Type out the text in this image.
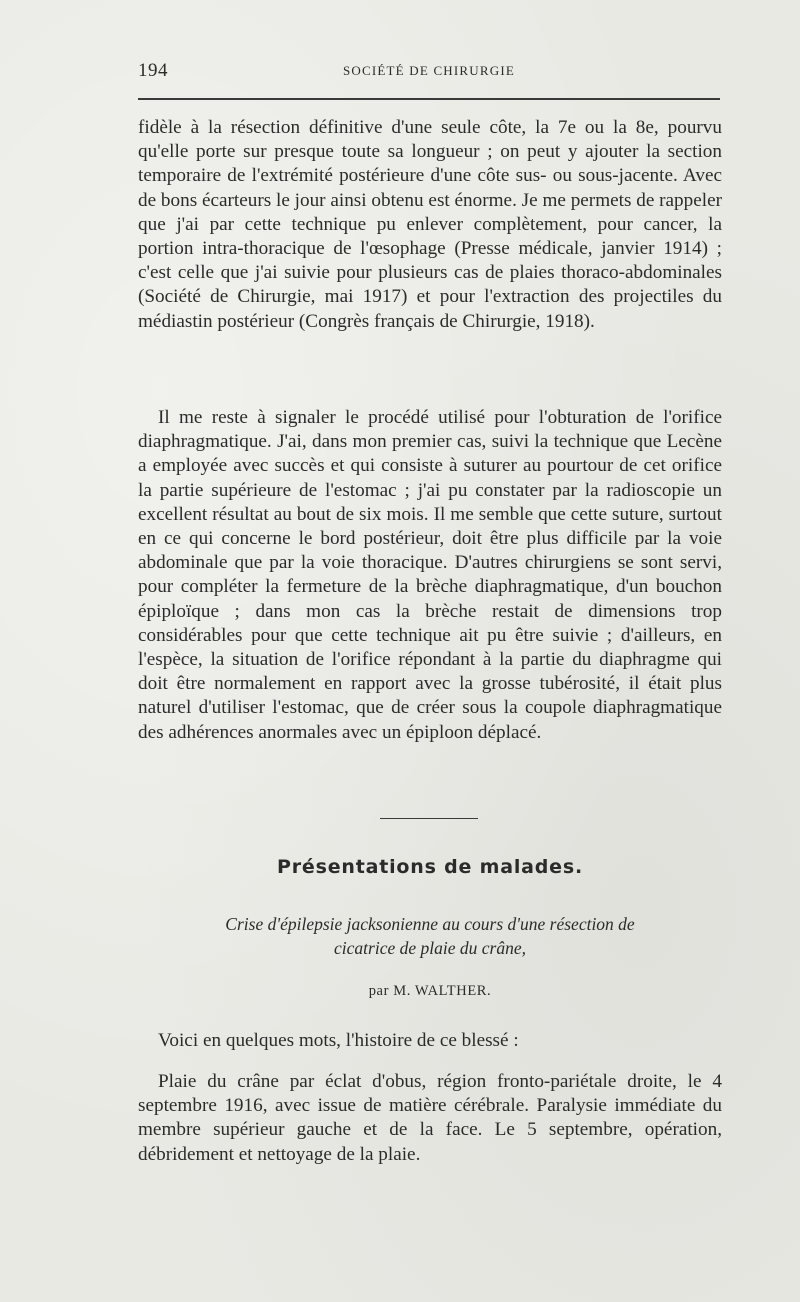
194	SOCIÉTÉ DE CHIRURGIE

fidèle à la résection définitive d'une seule côte, la 7e ou la 8e, pourvu qu'elle porte sur presque toute sa longueur ; on peut y ajouter la section temporaire de l'extrémité postérieure d'une côte sus- ou sous-jacente. Avec de bons écarteurs le jour ainsi obtenu est énorme. Je me permets de rappeler que j'ai par cette technique pu enlever complètement, pour cancer, la portion intra-thoracique de l'œsophage (Presse médicale, janvier 1914) ; c'est celle que j'ai suivie pour plusieurs cas de plaies thoraco-abdominales (Société de Chirurgie, mai 1917) et pour l'extraction des projectiles du médiastin postérieur (Congrès français de Chirurgie, 1918).

Il me reste à signaler le procédé utilisé pour l'obturation de l'orifice diaphragmatique. J'ai, dans mon premier cas, suivi la technique que Lecène a employée avec succès et qui consiste à suturer au pourtour de cet orifice la partie supérieure de l'estomac ; j'ai pu constater par la radioscopie un excellent résultat au bout de six mois. Il me semble que cette suture, surtout en ce qui concerne le bord postérieur, doit être plus difficile par la voie abdominale que par la voie thoracique. D'autres chirurgiens se sont servi, pour compléter la fermeture de la brèche diaphragmatique, d'un bouchon épiploïque ; dans mon cas la brèche restait de dimensions trop considérables pour que cette technique ait pu être suivie ; d'ailleurs, en l'espèce, la situation de l'orifice répondant à la partie du diaphragme qui doit être normalement en rapport avec la grosse tubérosité, il était plus naturel d'utiliser l'estomac, que de créer sous la coupole diaphragmatique des adhérences anormales avec un épiploon déplacé.

Présentations de malades.
Crise d'épilepsie jacksonienne au cours d'une résection de
cicatrice de plaie du crâne,
par M. WALTHER.

Voici en quelques mots, l'histoire de ce blessé :

Plaie du crâne par éclat d'obus, région fronto-pariétale droite, le 4 septembre 1916, avec issue de matière cérébrale. Paralysie immédiate du membre supérieur gauche et de la face. Le 5 septembre, opération, débridement et nettoyage de la plaie.
